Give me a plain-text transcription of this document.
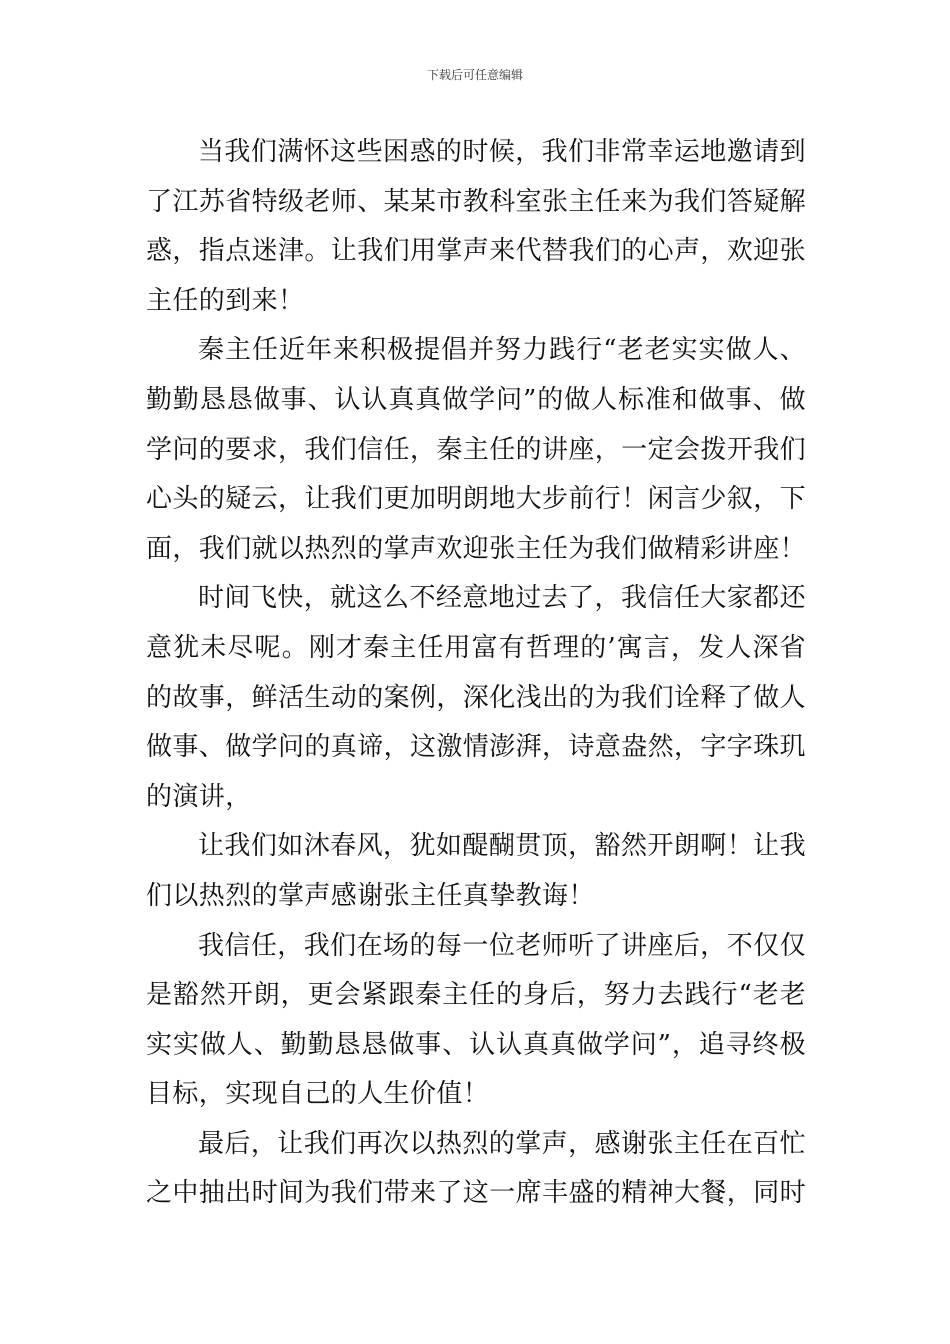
下载后可任意编辑

当我们满怀这些困惑的时候，我们非常幸运地邀请到了江苏省特级老师、某某市教科室张主任来为我们答疑解惑，指点迷津。让我们用掌声来代替我们的心声，欢迎张主任的到来！

秦主任近年来积极提倡并努力践行“老老实实做人、勤勤恳恳做事、认认真真做学问”的做人标准和做事、做学问的要求，我们信任，秦主任的讲座，一定会拨开我们心头的疑云，让我们更加明朗地大步前行！闲言少叙，下面，我们就以热烈的掌声欢迎张主任为我们做精彩讲座！

时间飞快，就这么不经意地过去了，我信任大家都还意犹未尽呢。刚才秦主任用富有哲理的’寓言，发人深省的故事，鲜活生动的案例，深化浅出的为我们诠释了做人做事、做学问的真谛，这激情澎湃，诗意盎然，字字珠玑的演讲，

让我们如沐春风，犹如醍醐贯顶，豁然开朗啊！让我们以热烈的掌声感谢张主任真挚教诲！

我信任，我们在场的每一位老师听了讲座后，不仅仅是豁然开朗，更会紧跟秦主任的身后，努力去践行“老老实实做人、勤勤恳恳做事、认认真真做学问”，追寻终极目标，实现自己的人生价值！

最后，让我们再次以热烈的掌声，感谢张主任在百忙之中抽出时间为我们带来了这一席丰盛的精神大餐，同时
